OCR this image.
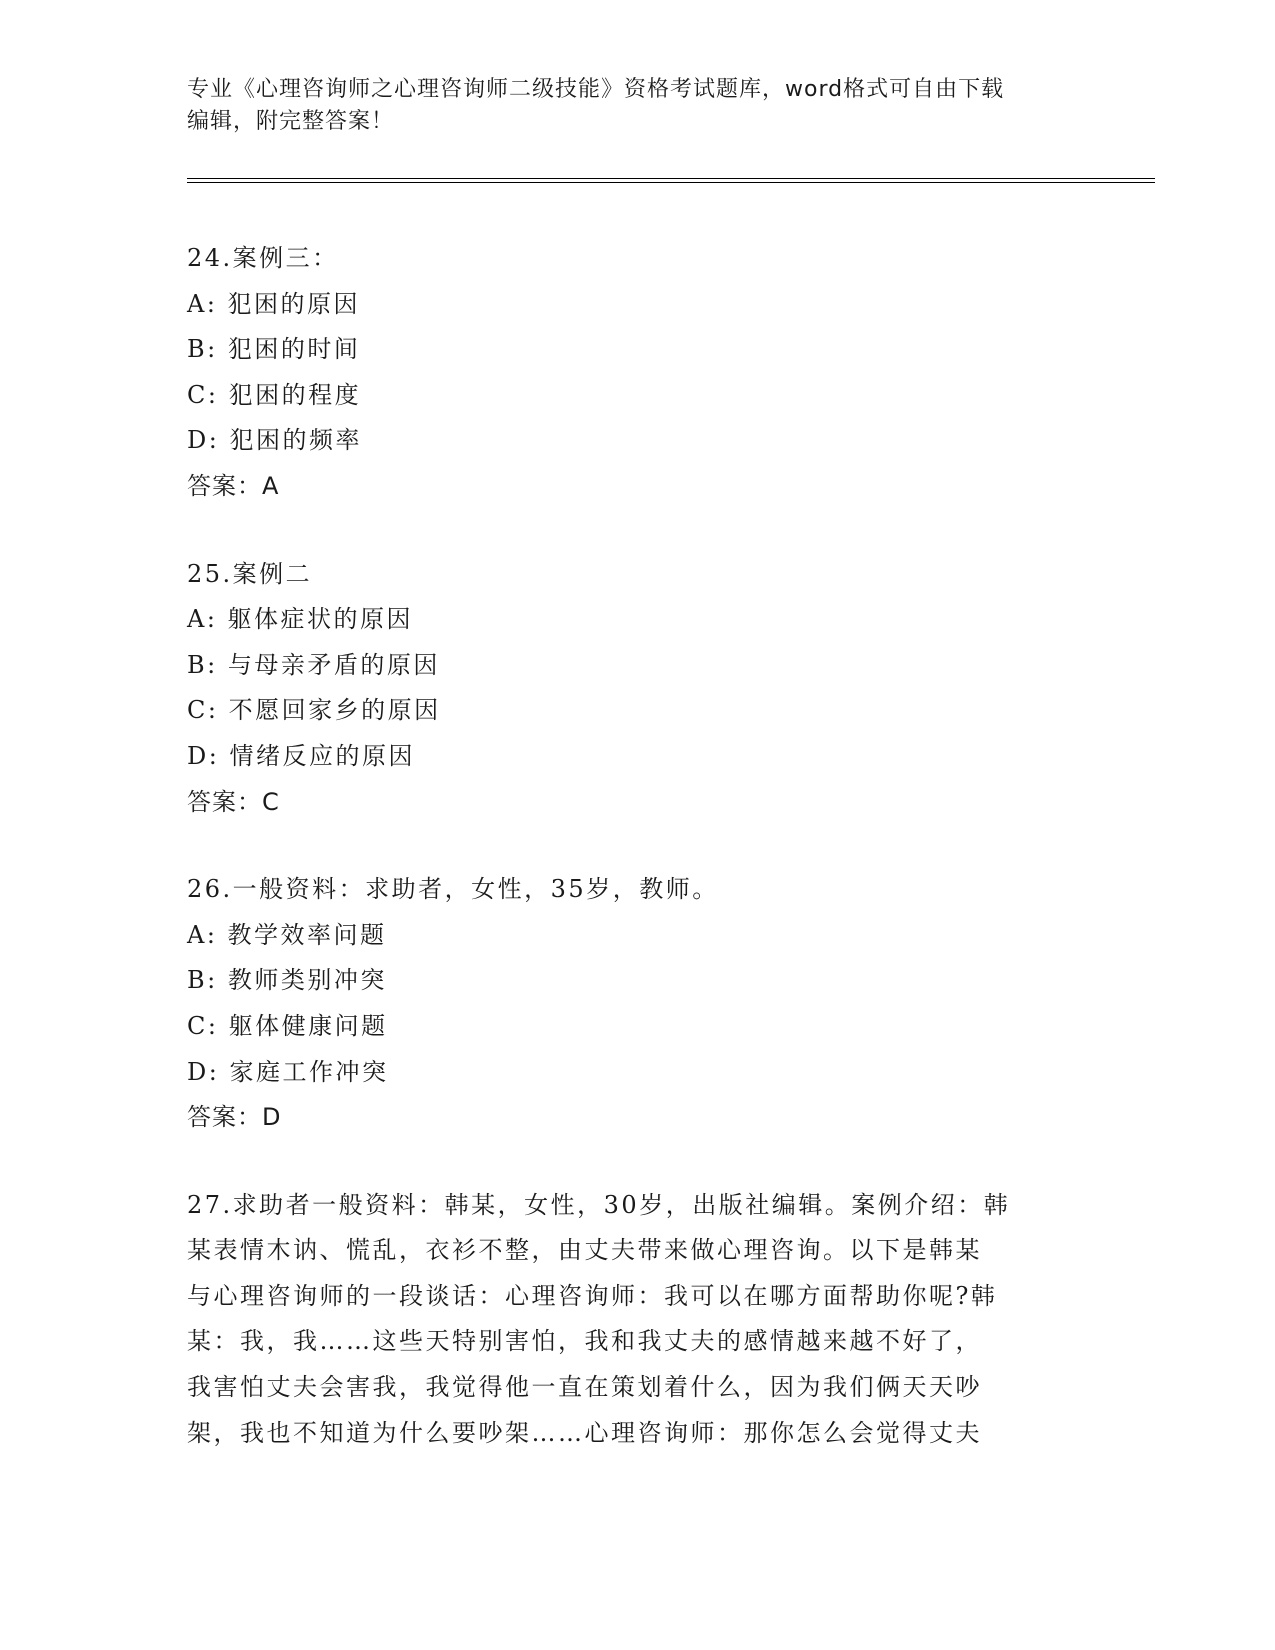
专业《心理咨询师之心理咨询师二级技能》资格考试题库，word格式可自由下载
编辑，附完整答案！
24.案例三：
A: 犯困的原因
B: 犯困的时间
C: 犯困的程度
D: 犯困的频率
答案：A
25.案例二
A: 躯体症状的原因
B: 与母亲矛盾的原因
C: 不愿回家乡的原因
D: 情绪反应的原因
答案：C
26.一般资料：求助者，女性，35岁，教师。
A: 教学效率问题
B: 教师类别冲突
C: 躯体健康问题
D: 家庭工作冲突
答案：D
27.求助者一般资料：韩某，女性，30岁，出版社编辑。案例介绍：韩
某表情木讷、慌乱，衣衫不整，由丈夫带来做心理咨询。以下是韩某
与心理咨询师的一段谈话：心理咨询师：我可以在哪方面帮助你呢?韩
某：我，我……这些天特别害怕，我和我丈夫的感情越来越不好了，
我害怕丈夫会害我，我觉得他一直在策划着什么，因为我们俩天天吵
架，我也不知道为什么要吵架……心理咨询师：那你怎么会觉得丈夫
